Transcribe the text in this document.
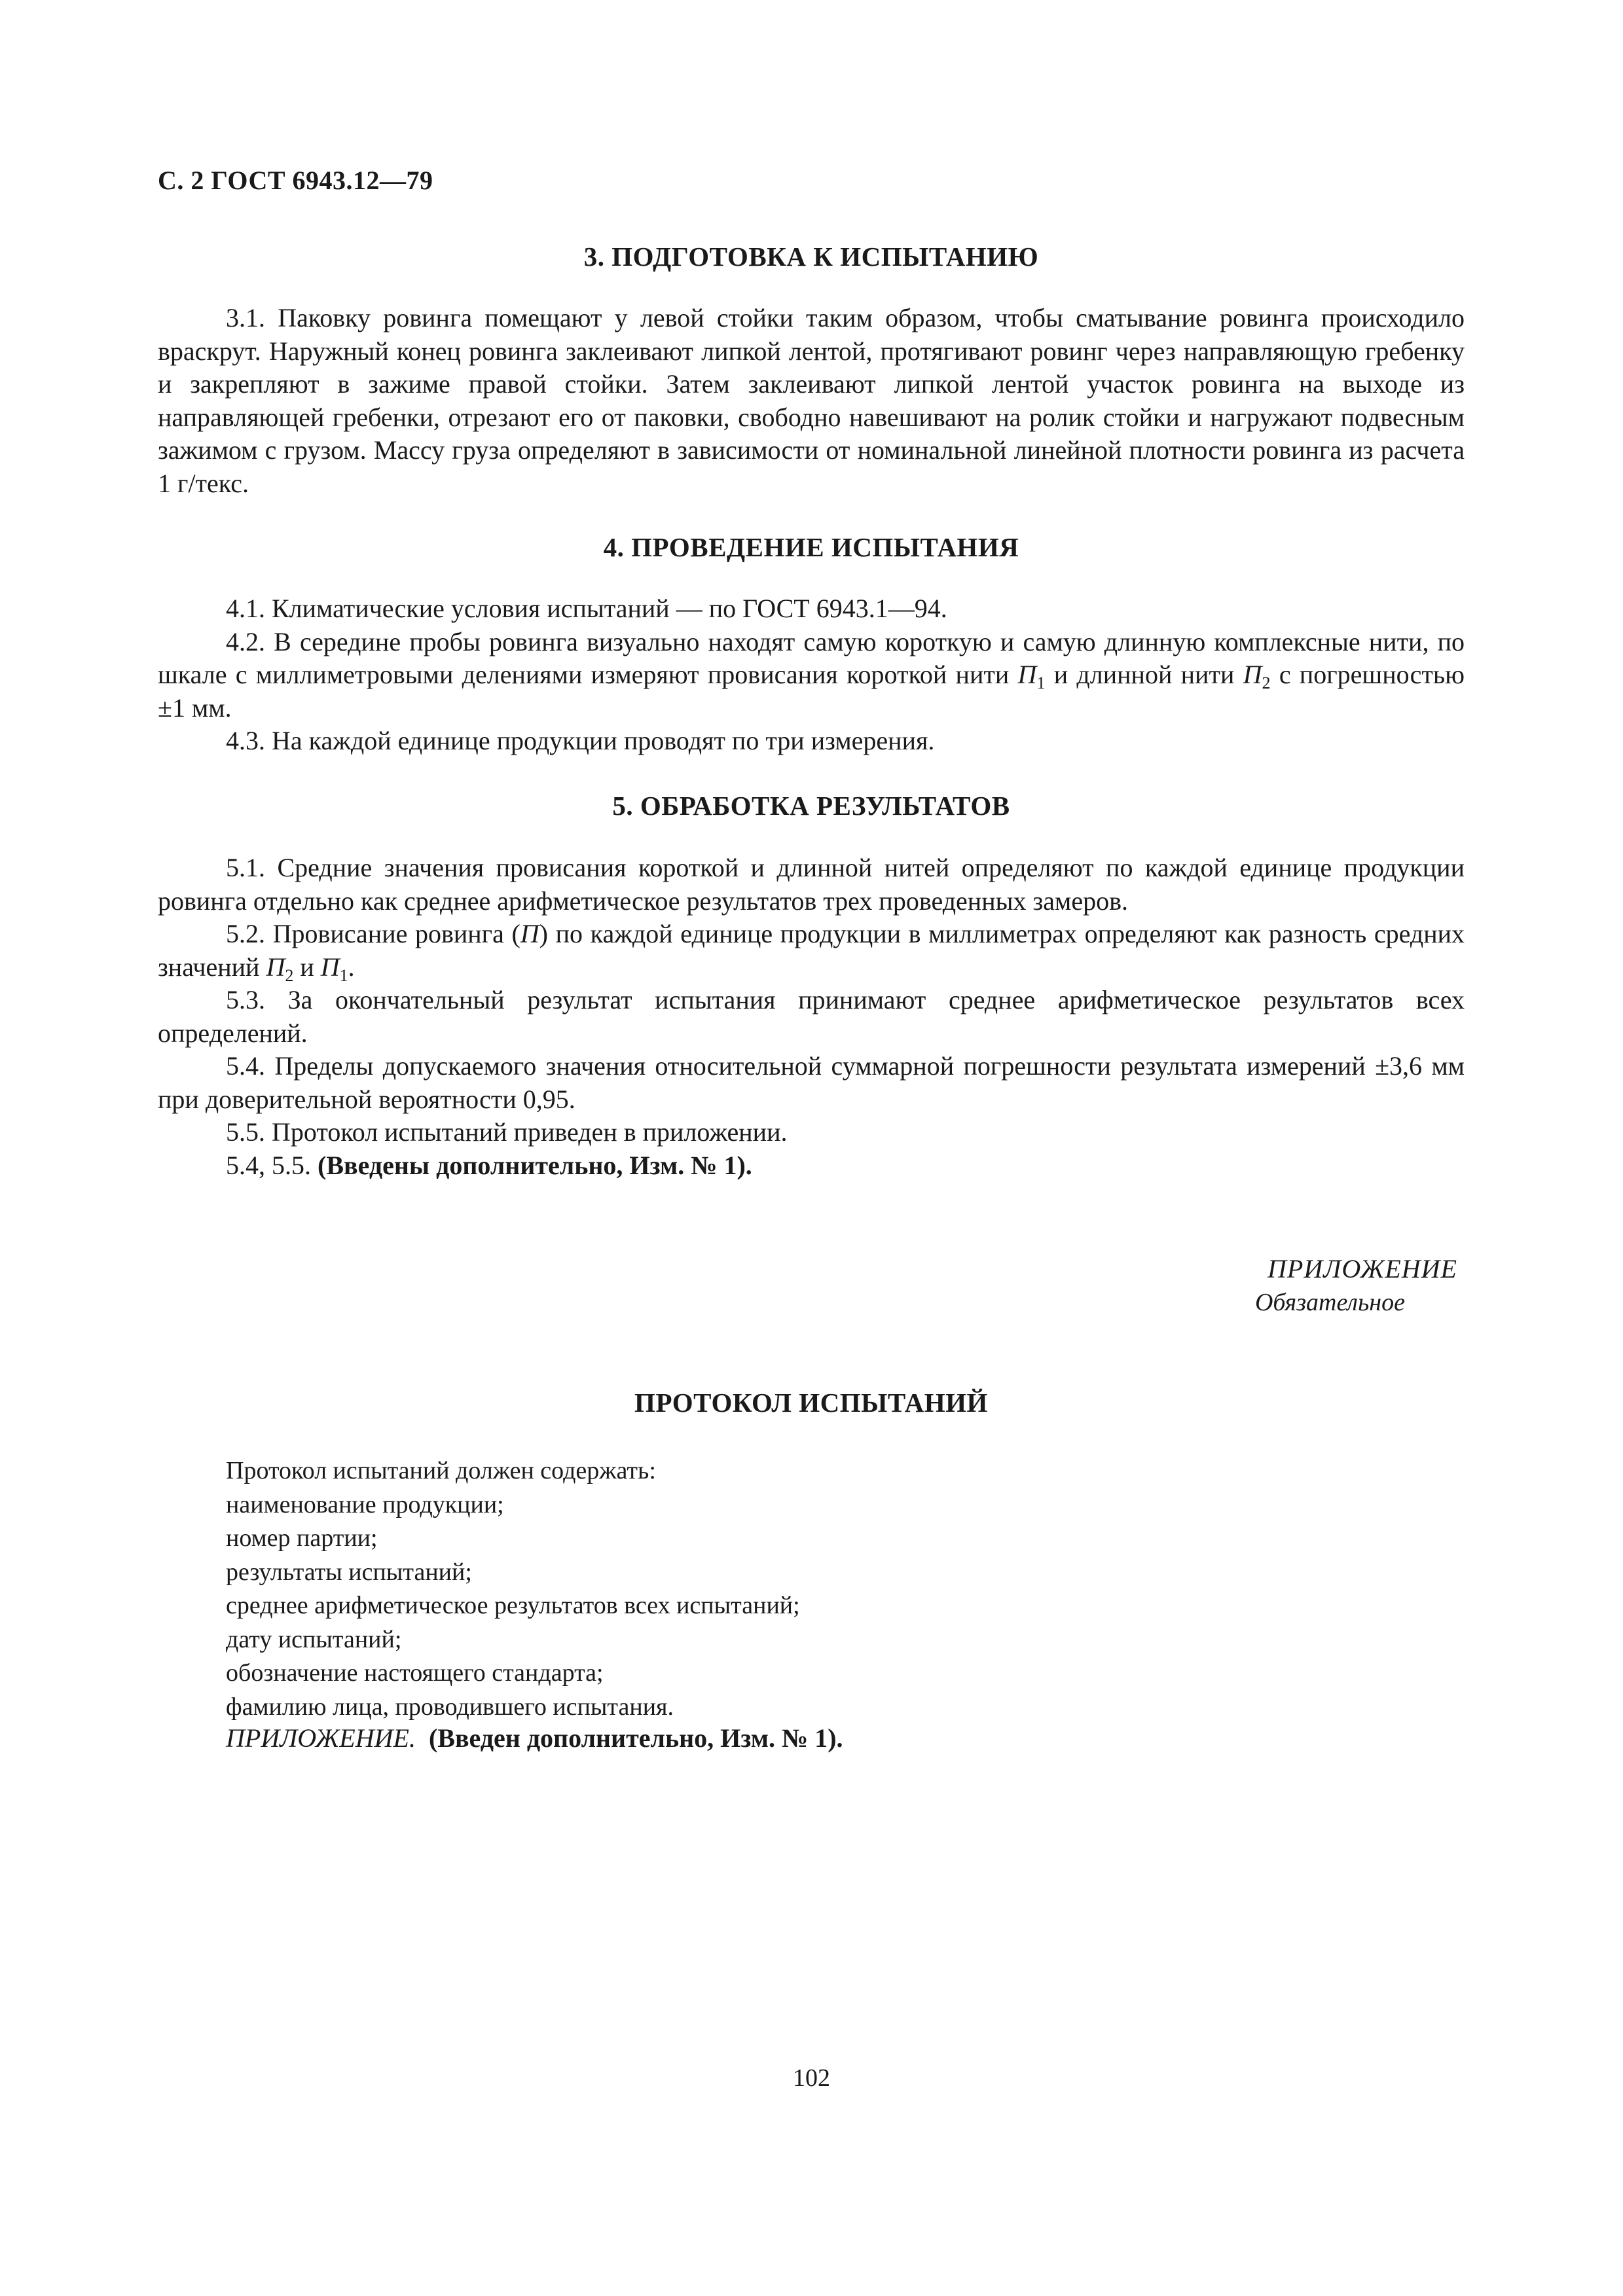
С. 2 ГОСТ 6943.12—79
3. ПОДГОТОВКА К ИСПЫТАНИЮ

3.1. Паковку ровинга помещают у левой стойки таким образом, чтобы сматывание ровинга происходило враскрут. Наружный конец ровинга заклеивают липкой лентой, протягивают ровинг через направляющую гребенку и закрепляют в зажиме правой стойки. Затем заклеивают липкой лентой участок ровинга на выходе из направляющей гребенки, отрезают его от паковки, свободно навешивают на ролик стойки и нагружают подвесным зажимом с грузом. Массу груза определяют в зависимости от номинальной линейной плотности ровинга из расчета 1 г/текс.

4. ПРОВЕДЕНИЕ ИСПЫТАНИЯ

4.1. Климатические условия испытаний — по ГОСТ 6943.1—94.

4.2. В середине пробы ровинга визуально находят самую короткую и самую длинную комплексные нити, по шкале с миллиметровыми делениями измеряют провисания короткой нити $П_1$ и длинной нити $П_2$ с погрешностью ±1 мм.

4.3. На каждой единице продукции проводят по три измерения.

5. ОБРАБОТКА РЕЗУЛЬТАТОВ

5.1. Средние значения провисания короткой и длинной нитей определяют по каждой единице продукции ровинга отдельно как среднее арифметическое результатов трех проведенных замеров.

5.2. Провисание ровинга (П) по каждой единице продукции в миллиметрах определяют как разность средних значений $П_2$ и $П_1$.

5.3. За окончательный результат испытания принимают среднее арифметическое результатов всех определений.

5.4. Пределы допускаемого значения относительной суммарной погрешности результата измерений ±3,6 мм при доверительной вероятности 0,95.

5.5. Протокол испытаний приведен в приложении.

5.4, 5.5. (Введены дополнительно, Изм. № 1).

ПРИЛОЖЕНИЕ
Обязательное
ПРОТОКОЛ ИСПЫТАНИЙ
Протокол испытаний должен содержать:
наименование продукции;
номер партии;
результаты испытаний;
среднее арифметическое результатов всех испытаний;
дату испытаний;
обозначение настоящего стандарта;
фамилию лица, проводившего испытания.
ПРИЛОЖЕНИЕ. (Введен дополнительно, Изм. № 1).
102
